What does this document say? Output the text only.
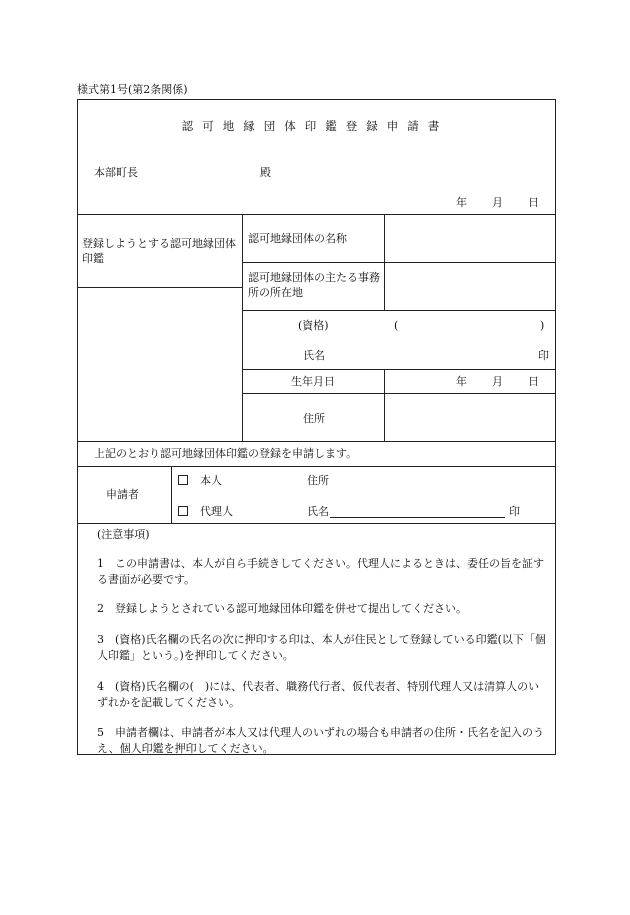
様式第1号(第2条関係)
認可地縁団体印鑑登録申請書
本部町長	殿
年 月 日
登録しようとする認可地縁団体印鑑
認可地縁団体の名称
認可地縁団体の主たる事務所の所在地
(資格)	(	)
氏名	印
生年月日	年 月 日
住所
上記のとおり認可地縁団体印鑑の登録を申請します。
申請者
本人	住所
代理人	氏名	印
(注意事項)
1　この申請書は、本人が自ら手続きしてください。代理人によるときは、委任の旨を証する書面が必要です。
2　登録しようとされている認可地縁団体印鑑を併せて提出してください。
3　(資格)氏名欄の氏名の次に押印する印は、本人が住民として登録している印鑑(以下「個人印鑑」という。)を押印してください。
4　(資格)氏名欄の(　)には、代表者、職務代行者、仮代表者、特別代理人又は清算人のいずれかを記載してください。
5　申請者欄は、申請者が本人又は代理人のいずれの場合も申請者の住所・氏名を記入のうえ、個人印鑑を押印してください。
